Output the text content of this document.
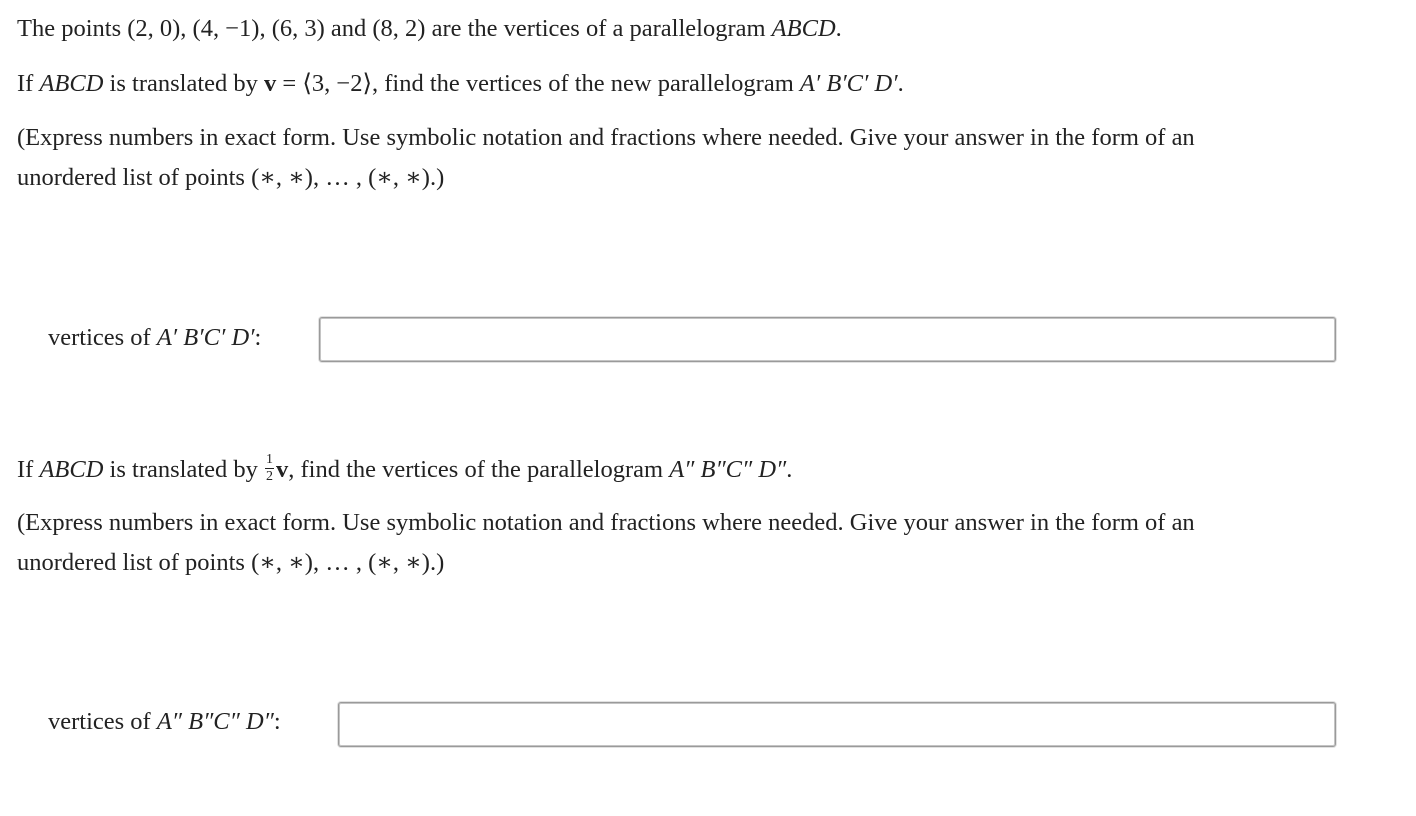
The points (2, 0), (4, −1), (6, 3) and (8, 2) are the vertices of a parallelogram ABCD.
If ABCD is translated by v = ⟨3, −2⟩, find the vertices of the new parallelogram A′ B′C′ D′.
(Express numbers in exact form. Use symbolic notation and fractions where needed. Give your answer in the form of an
unordered list of points (∗, ∗), … , (∗, ∗).)
vertices of A′ B′C′ D′:
If ABCD is translated by $\frac{1}{2} v$, find the vertices of the parallelogram A″ B″C″ D″.
(Express numbers in exact form. Use symbolic notation and fractions where needed. Give your answer in the form of an
unordered list of points (∗, ∗), … , (∗, ∗).)
vertices of A″ B″C″ D″:
